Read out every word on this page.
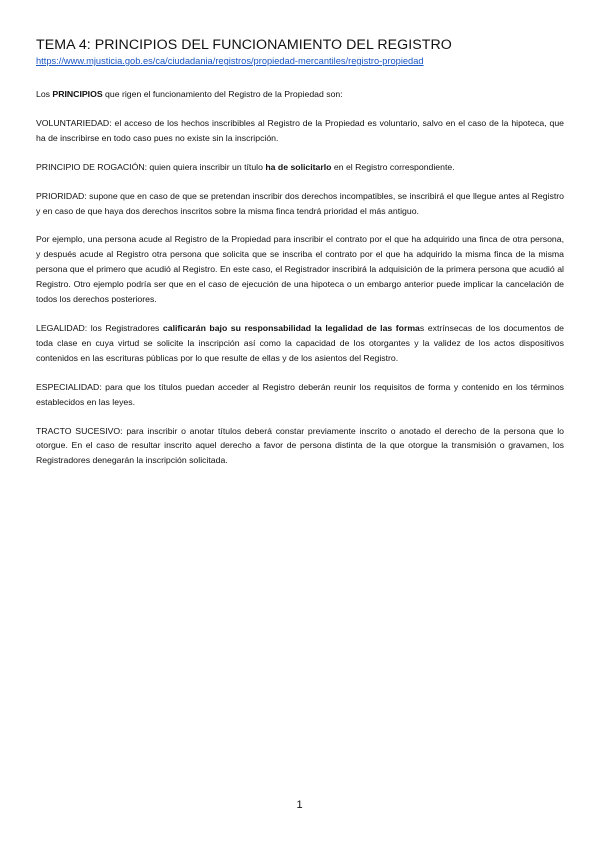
TEMA 4: PRINCIPIOS DEL FUNCIONAMIENTO DEL REGISTRO
https://www.mjusticia.gob.es/ca/ciudadania/registros/propiedad-mercantiles/registro-propiedad

Los PRINCIPIOS que rigen el funcionamiento del Registro de la Propiedad son:

VOLUNTARIEDAD: el acceso de los hechos inscribibles al Registro de la Propiedad es voluntario, salvo en el caso de la hipoteca, que ha de inscribirse en todo caso pues no existe sin la inscripción.

PRINCIPIO DE ROGACIÓN: quien quiera inscribir un título ha de solicitarlo en el Registro correspondiente.

PRIORIDAD: supone que en caso de que se pretendan inscribir dos derechos incompatibles, se inscribirá el que llegue antes al Registro y en caso de que haya dos derechos inscritos sobre la misma finca tendrá prioridad el más antiguo.

Por ejemplo, una persona acude al Registro de la Propiedad para inscribir el contrato por el que ha adquirido una finca de otra persona, y después acude al Registro otra persona que solicita que se inscriba el contrato por el que ha adquirido la misma finca de la misma persona que el primero que acudió al Registro. En este caso, el Registrador inscribirá la adquisición de la primera persona que acudió al Registro. Otro ejemplo podría ser que en el caso de ejecución de una hipoteca o un embargo anterior puede implicar la cancelación de todos los derechos posteriores.

LEGALIDAD: los Registradores calificarán bajo su responsabilidad la legalidad de las formas extrínsecas de los documentos de toda clase en cuya virtud se solicite la inscripción así como la capacidad de los otorgantes y la validez de los actos dispositivos contenidos en las escrituras públicas por lo que resulte de ellas y de los asientos del Registro.

ESPECIALIDAD: para que los títulos puedan acceder al Registro deberán reunir los requisitos de forma y contenido en los términos establecidos en las leyes.

TRACTO SUCESIVO: para inscribir o anotar títulos deberá constar previamente inscrito o anotado el derecho de la persona que lo otorgue. En el caso de resultar inscrito aquel derecho a favor de persona distinta de la que otorgue la transmisión o gravamen, los Registradores denegarán la inscripción solicitada.

1
